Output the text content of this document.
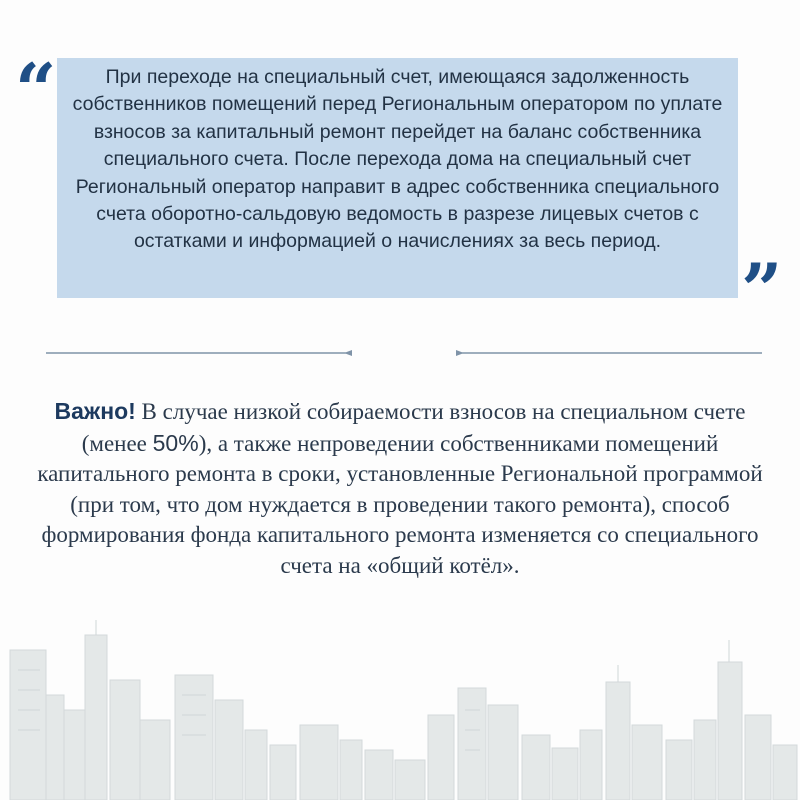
“	При переходе на специальный счет, имеющаяся задолженность собственников помещений перед Региональным оператором по уплате взносов за капитальный ремонт перейдет на баланс собственника специального счета. После перехода дома на специальный счет Региональный оператор направит в адрес собственника специального счета оборотно-сальдовую ведомость в разрезе лицевых счетов с остатками и информацией о начислениях за весь период.

”

Важно! В случае низкой собираемости взносов на специальном счете (менее 50%), а также непроведении собственниками помещений капитального ремонта в сроки, установленные Региональной программой (при том, что дом нуждается в проведении такого ремонта), способ формирования фонда капитального ремонта изменяется со специального счета на «общий котёл».
